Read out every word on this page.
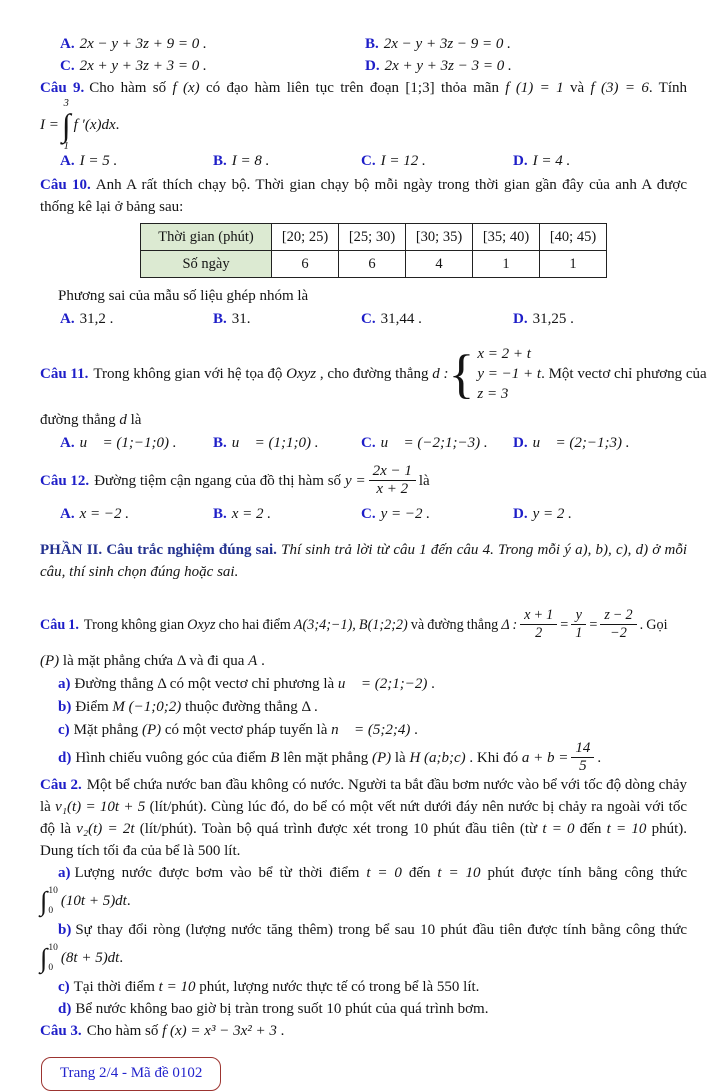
A. 2x − y + 3z + 9 = 0 .	B. 2x − y + 3z − 9 = 0 .
C. 2x + y + 3z + 3 = 0 .	D. 2x + y + 3z − 3 = 0 .

Câu 9. Cho hàm số f (x) có đạo hàm liên tục trên đoạn [1;3] thỏa mãn f (1) = 1 và f (3) = 6. Tính

I =
3
∫
1
f ′(x)dx .
A. I = 5 .	B. I = 8 .	C. I = 12 .	D. I = 4 .

Câu 10. Anh A rất thích chạy bộ. Thời gian chạy bộ mỗi ngày trong thời gian gần đây của anh A được thống kê lại ở bảng sau:

Thời gian (phút)	[20; 25)	[25; 30)	[30; 35)	[35; 40)	[40; 45)
Số ngày	6	6	4	1	1

Phương sai của mẫu số liệu ghép nhóm là

A. 31,2 .	B. 31.	C. 31,44 .	D. 31,25 .
Câu 11. Trong không gian với hệ tọa độ Oxyz , cho đường thẳng d : { x = 2 + t
y = −1 + t
z = 3
. Một vectơ chỉ phương của

đường thẳng d là

A. u⃗ = (1;−1;0) .	B. u⃗ = (1;1;0) .	C. u⃗ = (−2;1;−3) .	D. u⃗ = (2;−1;3) .
Câu 12. Đường tiệm cận ngang của đồ thị hàm số $y = \frac{2x - 1}{x + 2}$ là
A. x = −2 .	B. x = 2 .	C. y = −2 .	D. y = 2 .

PHẦN II. Câu trắc nghiệm đúng sai. Thí sinh trả lời từ câu 1 đến câu 4. Trong mỗi ý a), b), c), d) ở mỗi câu, thí sinh chọn đúng hoặc sai.

Câu 1. Trong không gian Oxyz cho hai điểm A(3;4;−1), B(1;2;2) và đường thẳng Δ : $\frac{x + 1}{2} = \frac{y}{1} = \frac{z - 2}{-2}$ . Gọi

(P) là mặt phẳng chứa Δ và đi qua A .

a) Đường thẳng Δ có một vectơ chỉ phương là u⃗ = (2;1;−2) .

b) Điểm M (−1;0;2) thuộc đường thẳng Δ .

c) Mặt phẳng (P) có một vectơ pháp tuyến là n⃗ = (5;2;4) .

d) Hình chiếu vuông góc của điểm B lên mặt phẳng (P) là H (a;b;c) . Khi đó $a + b = \frac{14}{5}$ .

Câu 2. Một bể chứa nước ban đầu không có nước. Người ta bắt đầu bơm nước vào bể với tốc độ dòng chảy là v₁(t) = 10t + 5 (lít/phút). Cùng lúc đó, do bể có một vết nứt dưới đáy nên nước bị chảy ra ngoài với tốc độ là v₂(t) = 2t (lít/phút). Toàn bộ quá trình được xét trong 10 phút đầu tiên (từ t = 0 đến t = 10 phút). Dung tích tối đa của bể là 500 lít.

a) Lượng nước được bơm vào bể từ thời điểm t = 0 đến t = 10 phút được tính bằng công thức

∫ 10
0
(10t + 5)dt .

b) Sự thay đổi ròng (lượng nước tăng thêm) trong bể sau 10 phút đầu tiên được tính bằng công thức

∫ 10
0
(8t + 5)dt .

c) Tại thời điểm t = 10 phút, lượng nước thực tế có trong bể là 550 lít.

d) Bể nước không bao giờ bị tràn trong suốt 10 phút của quá trình bơm.

Câu 3. Cho hàm số f (x) = x³ − 3x² + 3 .

Trang 2/4 - Mã đề 0102
